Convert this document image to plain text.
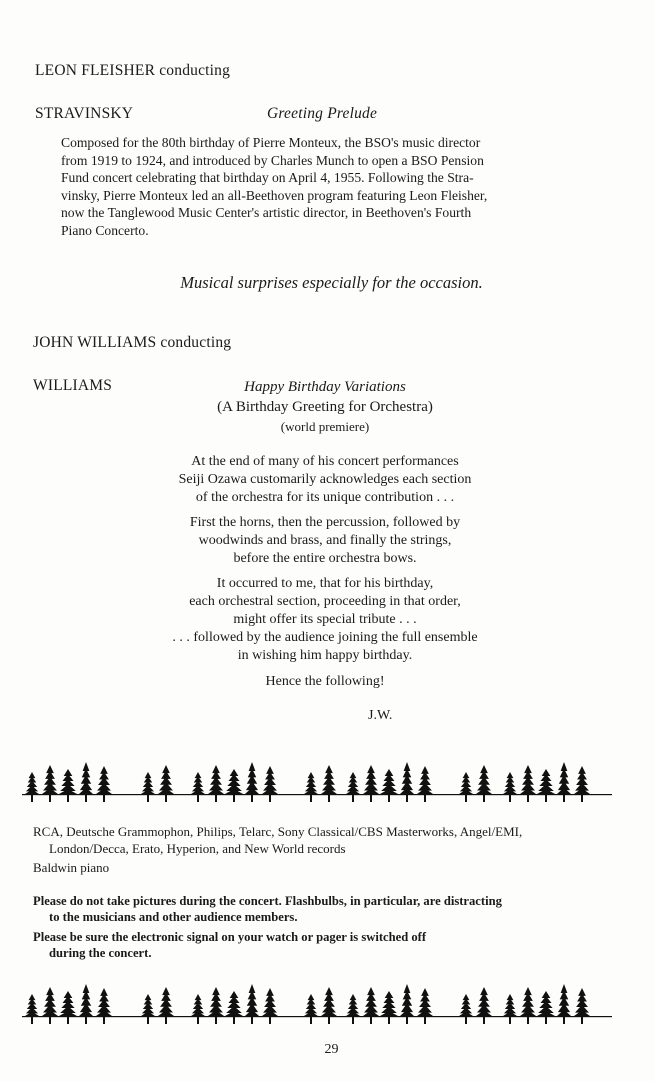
LEON FLEISHER conducting
STRAVINSKY	Greeting Prelude
Composed for the 80th birthday of Pierre Monteux, the BSO's music director
from 1919 to 1924, and introduced by Charles Munch to open a BSO Pension
Fund concert celebrating that birthday on April 4, 1955. Following the Stra-
vinsky, Pierre Monteux led an all-Beethoven program featuring Leon Fleisher,
now the Tanglewood Music Center's artistic director, in Beethoven's Fourth
Piano Concerto.
Musical surprises especially for the occasion.
JOHN WILLIAMS conducting
WILLIAMS	Happy Birthday Variations
(A Birthday Greeting for Orchestra)
(world premiere)
At the end of many of his concert performances
Seiji Ozawa customarily acknowledges each section
of the orchestra for its unique contribution . . .
First the horns, then the percussion, followed by
woodwinds and brass, and finally the strings,
before the entire orchestra bows.
It occurred to me, that for his birthday,
each orchestral section, proceeding in that order,
might offer its special tribute . . .
. . . followed by the audience joining the full ensemble
in wishing him happy birthday.
Hence the following!
J.W.
RCA, Deutsche Grammophon, Philips, Telarc, Sony Classical/CBS Masterworks, Angel/EMI,
London/Decca, Erato, Hyperion, and New World records
Baldwin piano
Please do not take pictures during the concert. Flashbulbs, in particular, are distracting
to the musicians and other audience members.
Please be sure the electronic signal on your watch or pager is switched off
during the concert.
29
